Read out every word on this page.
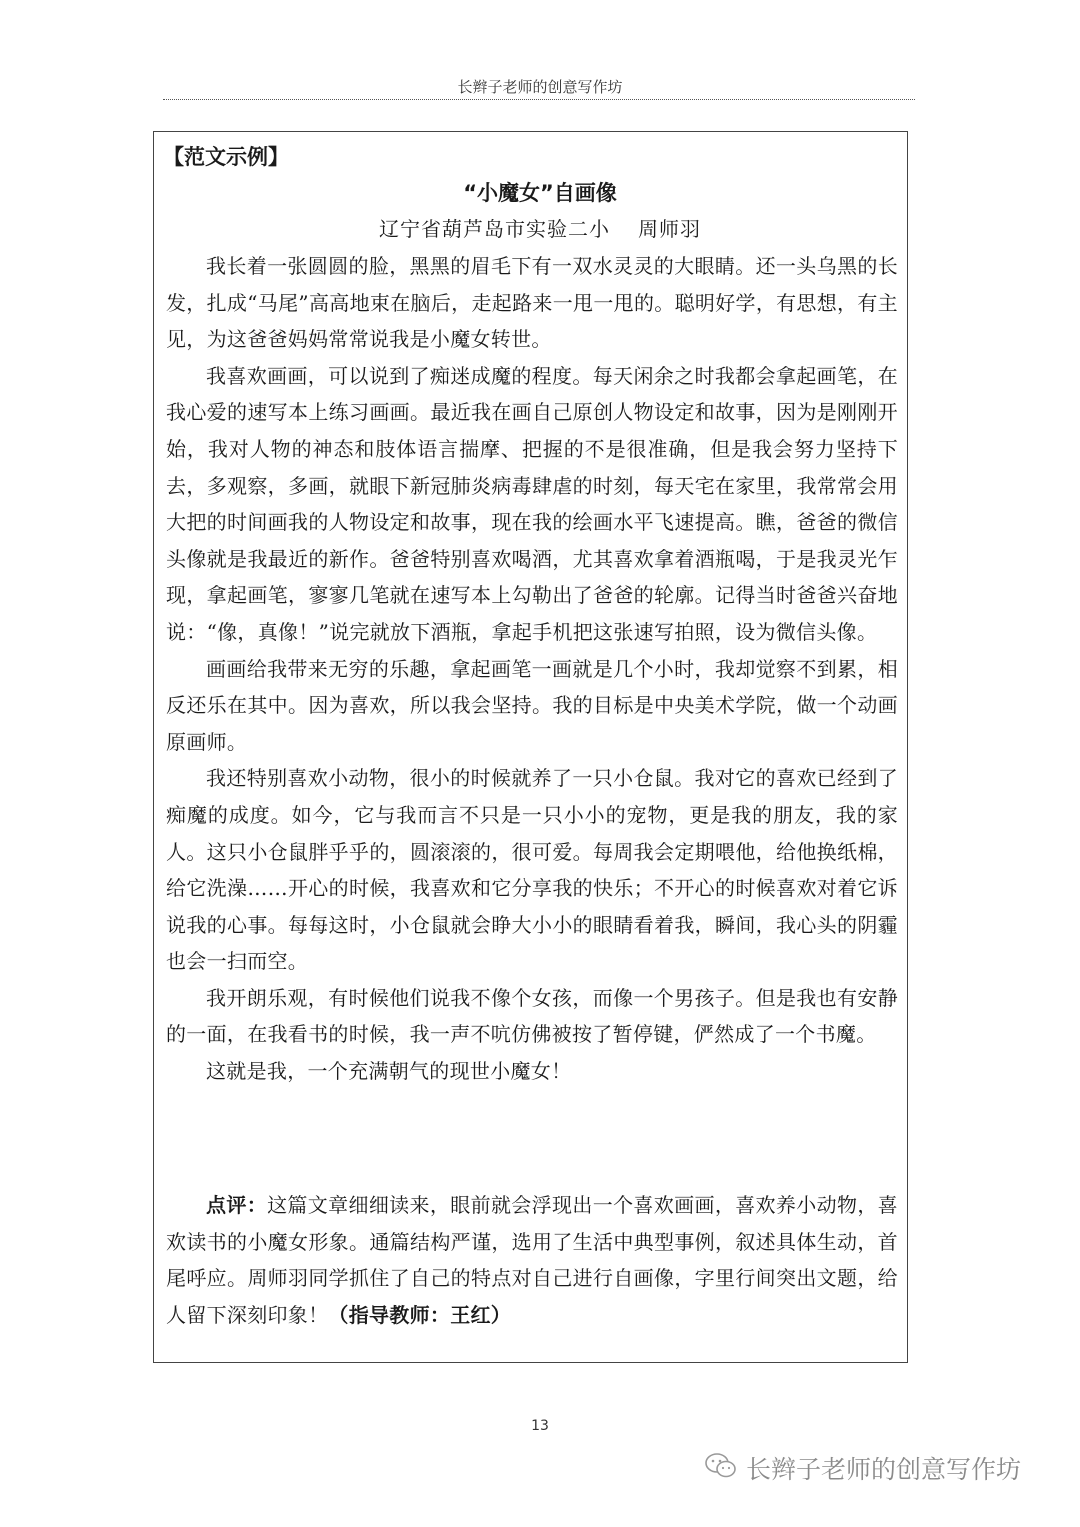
长辫子老师的创意写作坊
【范文示例】
“小魔女”自画像
辽宁省葫芦岛市实验二小 周师羽

我长着一张圆圆的脸，黑黑的眉毛下有一双水灵灵的大眼睛。还一头乌黑的长发，扎成“马尾”高高地束在脑后，走起路来一甩一甩的。聪明好学，有思想，有主见，为这爸爸妈妈常常说我是小魔女转世。

我喜欢画画，可以说到了痴迷成魔的程度。每天闲余之时我都会拿起画笔，在我心爱的速写本上练习画画。最近我在画自己原创人物设定和故事，因为是刚刚开始，我对人物的神态和肢体语言揣摩、把握的不是很准确，但是我会努力坚持下去，多观察，多画，就眼下新冠肺炎病毒肆虐的时刻，每天宅在家里，我常常会用大把的时间画我的人物设定和故事，现在我的绘画水平飞速提高。瞧，爸爸的微信头像就是我最近的新作。爸爸特别喜欢喝酒，尤其喜欢拿着酒瓶喝，于是我灵光乍现，拿起画笔，寥寥几笔就在速写本上勾勒出了爸爸的轮廓。记得当时爸爸兴奋地说：“像，真像！”说完就放下酒瓶，拿起手机把这张速写拍照，设为微信头像。

画画给我带来无穷的乐趣，拿起画笔一画就是几个小时，我却觉察不到累，相反还乐在其中。因为喜欢，所以我会坚持。我的目标是中央美术学院，做一个动画原画师。

我还特别喜欢小动物，很小的时候就养了一只小仓鼠。我对它的喜欢已经到了痴魔的成度。如今，它与我而言不只是一只小小的宠物，更是我的朋友，我的家人。这只小仓鼠胖乎乎的，圆滚滚的，很可爱。每周我会定期喂他，给他换纸棉，给它洗澡……开心的时候，我喜欢和它分享我的快乐；不开心的时候喜欢对着它诉说我的心事。每每这时，小仓鼠就会睁大小小的眼睛看着我，瞬间，我心头的阴霾也会一扫而空。

我开朗乐观，有时候他们说我不像个女孩，而像一个男孩子。但是我也有安静的一面，在我看书的时候，我一声不吭仿佛被按了暂停键，俨然成了一个书魔。

这就是我，一个充满朝气的现世小魔女！

点评：这篇文章细细读来，眼前就会浮现出一个喜欢画画，喜欢养小动物，喜欢读书的小魔女形象。通篇结构严谨，选用了生活中典型事例，叙述具体生动，首尾呼应。周师羽同学抓住了自己的特点对自己进行自画像，字里行间突出文题，给人留下深刻印象！（指导教师：王红）

13
长辫子老师的创意写作坊
